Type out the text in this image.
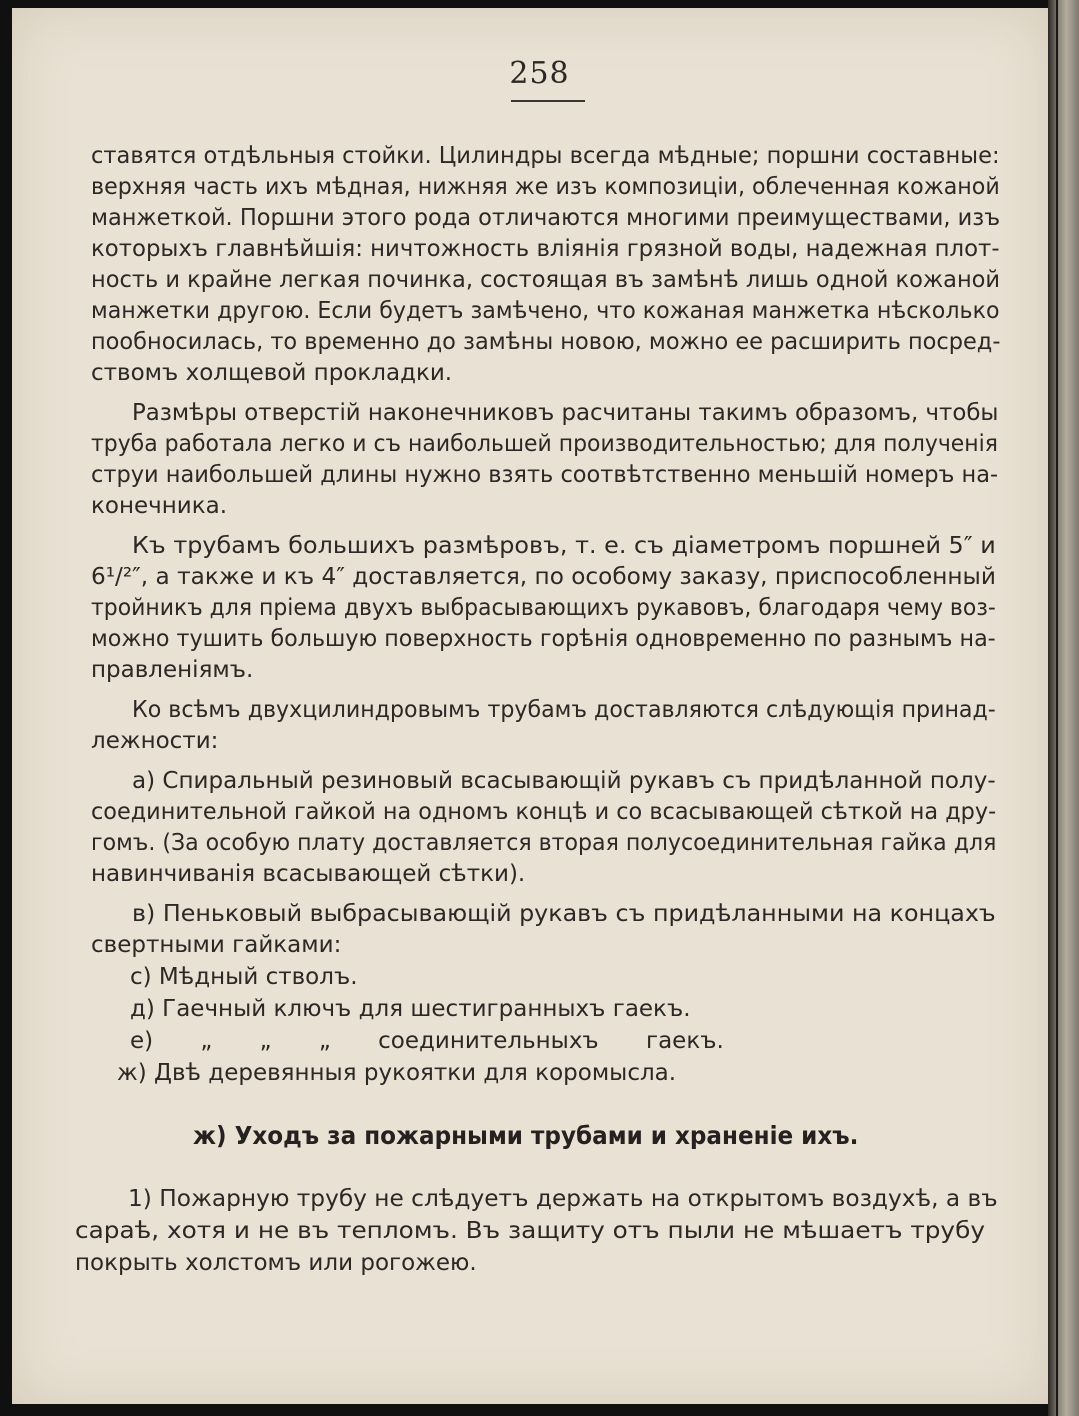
258
ставятся отдѣльныя стойки. Цилиндры всегда мѣдные; поршни составные:
верхняя часть ихъ мѣдная, нижняя же изъ композиціи, облеченная кожаной
манжеткой. Поршни этого рода отличаются многими преимуществами, изъ
которыхъ главнѣйшія: ничтожность вліянія грязной воды, надежная плот-
ность и крайне легкая починка, состоящая въ замѣнѣ лишь одной кожаной
манжетки другою. Если будетъ замѣчено, что кожаная манжетка нѣсколько
пообносилась, то временно до замѣны новою, можно ее расширить посред-
ствомъ холщевой прокладки.
Размѣры отверстій наконечниковъ расчитаны такимъ образомъ, чтобы
труба работала легко и съ наибольшей производительностью; для полученія
струи наибольшей длины нужно взять соотвѣтственно меньшій номеръ на-
конечника.
Къ трубамъ большихъ размѣровъ, т. е. съ діаметромъ поршней 5″ и
6¹/²″, а также и къ 4″ доставляется, по особому заказу, приспособленный
тройникъ для пріема двухъ выбрасывающихъ рукавовъ, благодаря чему воз-
можно тушить большую поверхность горѣнія одновременно по разнымъ на-
правленіямъ.
Ко всѣмъ двухцилиндровымъ трубамъ доставляются слѣдующія принад-
лежности:
а) Спиральный резиновый всасывающій рукавъ съ придѣланной полу-
соединительной гайкой на одномъ концѣ и со всасывающей сѣткой на дру-
гомъ. (За особую плату доставляется вторая полусоединительная гайка для
навинчиванія всасывающей сѣтки).
в) Пеньковый выбрасывающій рукавъ съ придѣланными на концахъ
свертными гайками:
с) Мѣдный стволъ.
д) Гаечный ключъ для шестигранныхъ гаекъ.
е) „ „ „ соединительныхъ гаекъ.
ж) Двѣ деревянныя рукоятки для коромысла.
ж) Уходъ за пожарными трубами и храненіе ихъ.
1) Пожарную трубу не слѣдуетъ держать на открытомъ воздухѣ, а въ
сараѣ, хотя и не въ тепломъ. Въ защиту отъ пыли не мѣшаетъ трубу
покрыть холстомъ или рогожею.
